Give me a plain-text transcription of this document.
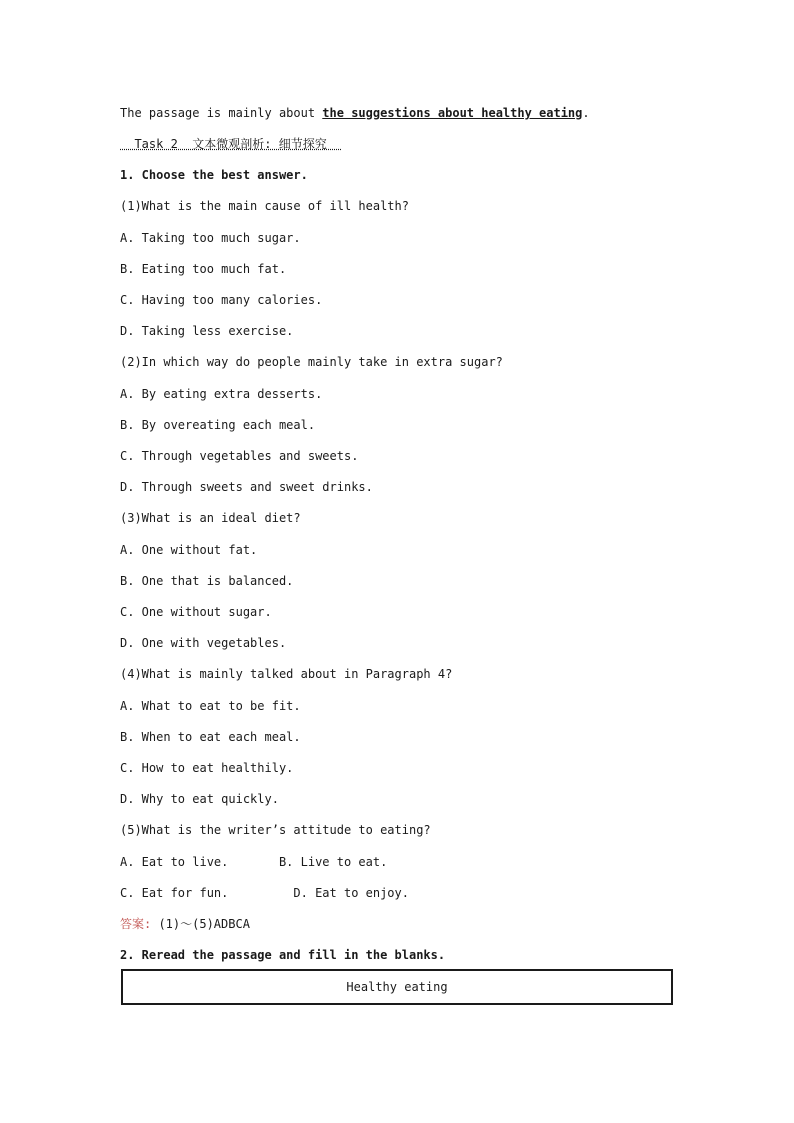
The passage is mainly about the suggestions about healthy eating.
Task 2  文本微观剖析: 细节探究
1. Choose the best answer.
(1)What is the main cause of ill health?
A. Taking too much sugar.
B. Eating too much fat.
C. Having too many calories.
D. Taking less exercise.
(2)In which way do people mainly take in extra sugar?
A. By eating extra desserts.
B. By overeating each meal.
C. Through vegetables and sweets.
D. Through sweets and sweet drinks.
(3)What is an ideal diet?
A. One without fat.
B. One that is balanced.
C. One without sugar.
D. One with vegetables.
(4)What is mainly talked about in Paragraph 4?
A. What to eat to be fit.
B. When to eat each meal.
C. How to eat healthily.
D. Why to eat quickly.
(5)What is the writer’s attitude to eating?
A. Eat to live.       B. Live to eat.
C. Eat for fun.         D. Eat to enjoy.
答案: (1)～(5)ADBCA
2. Reread the passage and fill in the blanks.
Healthy eating
